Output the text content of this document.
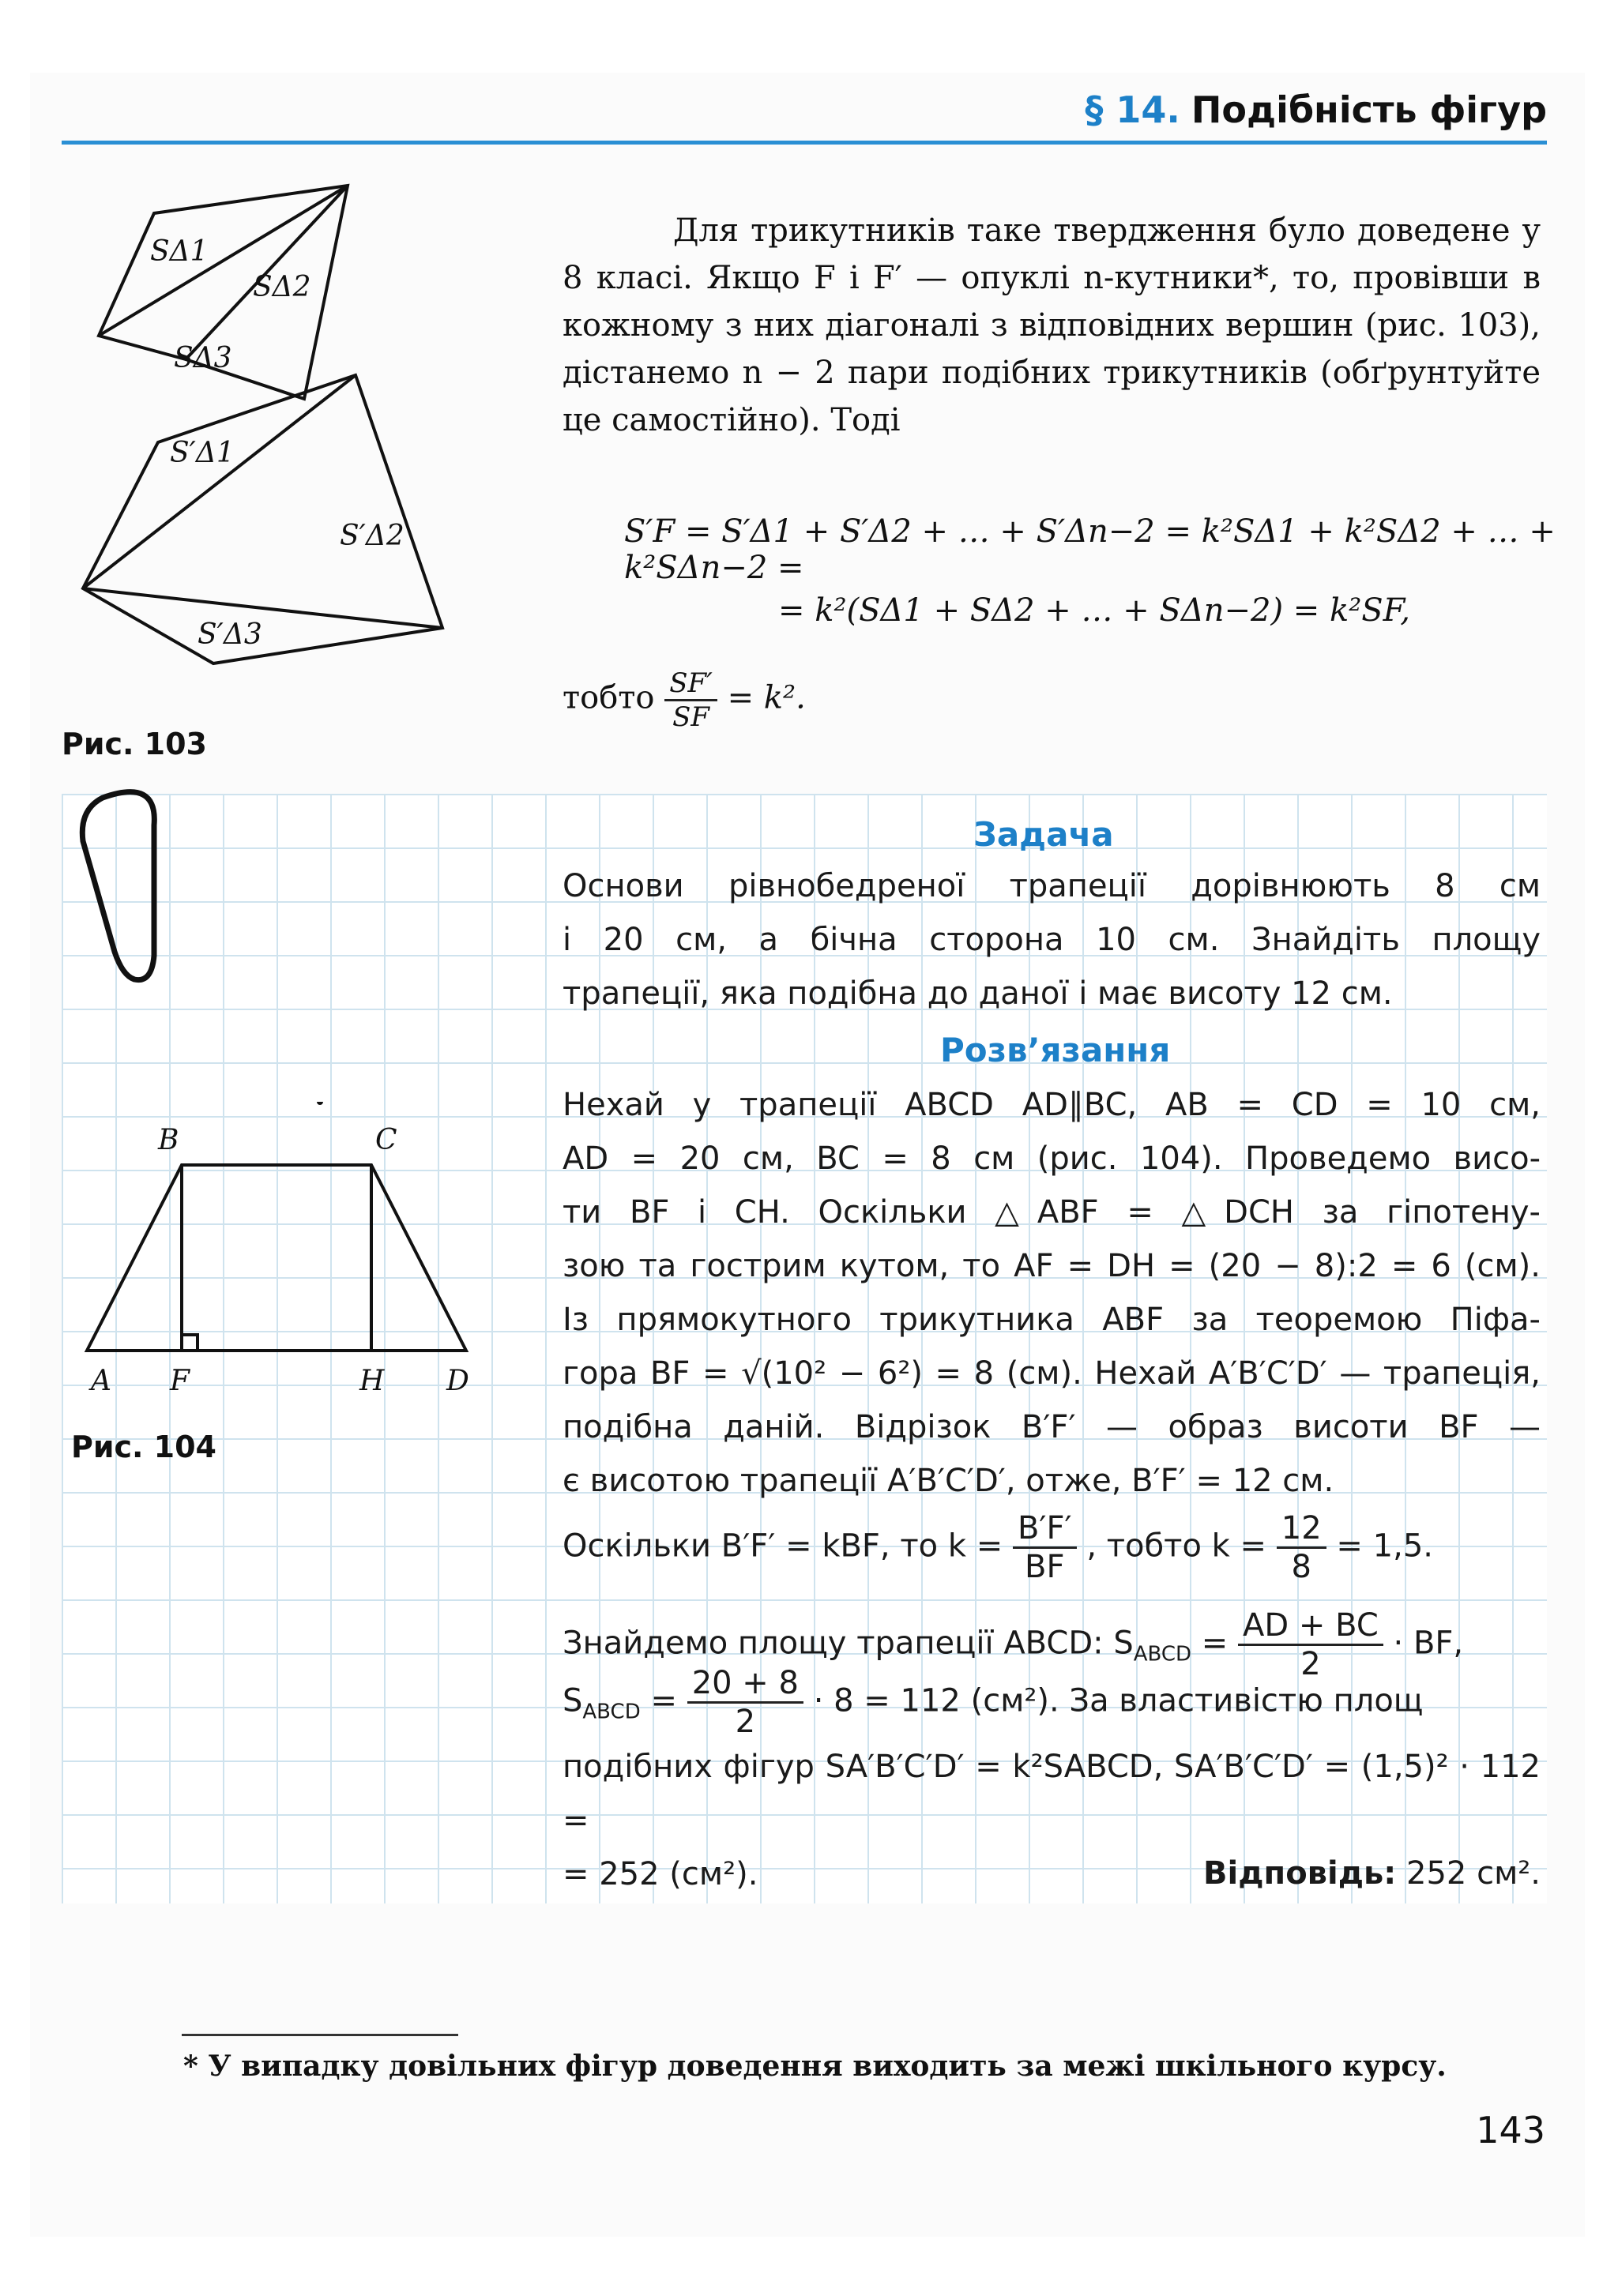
§ 14. Подібність фігур
SΔ1
SΔ2
SΔ3
S′Δ1
S′Δ2
S′Δ3
Рис. 103
Для трикутників таке твердження було доведене у 8 класі. Якщо F і F′ — опуклі n-кутники*, то, провівши в кожному з них діагоналі з відповідних вершин (рис. 103), дістанемо n − 2 пари подібних трикутників (обґрунтуйте це самостійно). Тоді
S′F = S′Δ1 + S′Δ2 + … + S′Δn−2 = k²SΔ1 + k²SΔ2 + … + k²SΔn−2 =
= k²(SΔ1 + SΔ2 + … + SΔn−2) = k²SF,
тобто $\frac{SF'}{SF} = k^2$.
A
B	C
D
F	H
Рис. 104
Задача

Основи рівнобедреної трапеції дорівнюють 8 см

і 20 см, а бічна сторона 10 см. Знайдіть площу

трапеції, яка подібна до даної і має висоту 12 см.

Розв’язання

Нехай у трапеції ABCD AD∥BC, AB = CD = 10 см,

AD = 20 см, BC = 8 см (рис. 104). Проведемо висо-

ти BF і CH. Оскільки △ABF = △DCH за гіпотену-

зою та гострим кутом, то AF = DH = (20 − 8):2 = 6 (см).

Із прямокутного трикутника ABF за теоремою Піфа-

гора BF = √(10² − 6²) = 8 (см). Нехай A′B′C′D′ — трапеція,

подібна даній. Відрізок B′F′ — образ висоти BF —

є висотою трапеції A′B′C′D′, отже, B′F′ = 12 см.

Оскільки B′F′ = kBF, то $k = \frac{B'F'}{BF}$ , тобто $k = \frac{12}{8} = 1,5$.
Знайдемо площу трапеції ABCD: $S_{ABCD} = \frac{AD + BC}{2}$ · BF,
$S_{ABCD} = \frac{20 + 8}{2} \cdot 8 = 112$ (см²). За властивістю площ

подібних фігур SA′B′C′D′ = k²SABCD, SA′B′C′D′ = (1,5)² · 112 =

= 252 (см²).	Відповідь: 252 см².
* У випадку довільних фігур доведення виходить за межі шкільного курсу.
143
